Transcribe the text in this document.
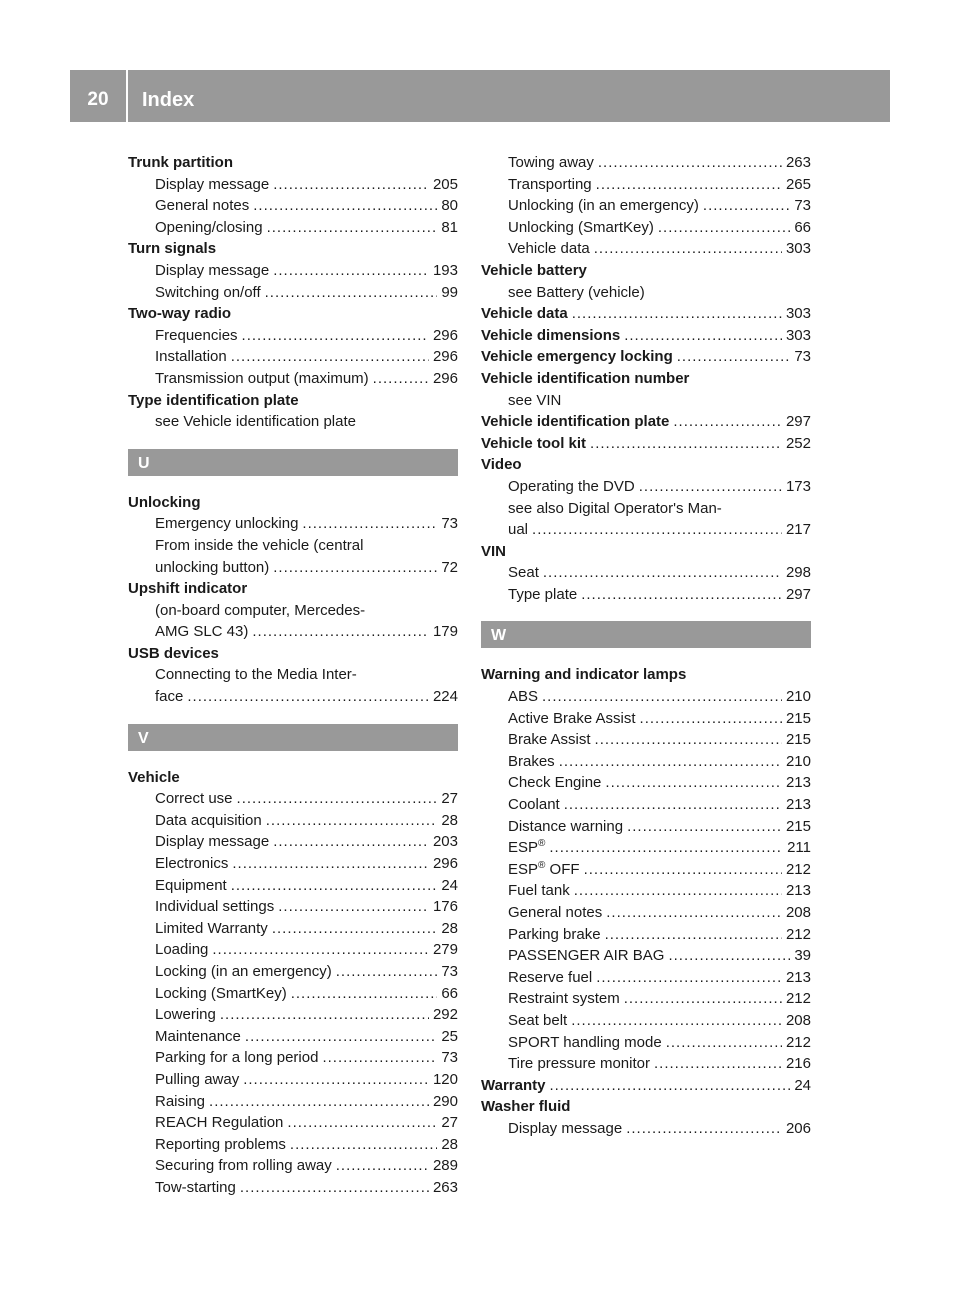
20	Index
Trunk partition
Display message .....	205
General notes .....	80
Opening/closing .....	81
Turn signals
Display message .....	193
Switching on/off .....	99
Two-way radio
Frequencies .....	296
Installation .....	296
Transmission output (maximum) .....	296
Type identification plate
see Vehicle identification plate
U
Unlocking
Emergency unlocking .....	73
From inside the vehicle (central
unlocking button) .....	72
Upshift indicator
(on-board computer, Mercedes-
AMG SLC 43) .....	179
USB devices
Connecting to the Media Inter-
face .....	224
V
Vehicle
Correct use .....	27
Data acquisition .....	28
Display message .....	203
Electronics .....	296
Equipment .....	24
Individual settings .....	176
Limited Warranty .....	28
Loading .....	279
Locking (in an emergency) .....	73
Locking (SmartKey) .....	66
Lowering .....	292
Maintenance .....	25
Parking for a long period .....	73
Pulling away .....	120
Raising .....	290
REACH Regulation .....	27
Reporting problems .....	28
Securing from rolling away .....	289
Tow-starting .....	263
Towing away .....	263
Transporting .....	265
Unlocking (in an emergency) .....	73
Unlocking (SmartKey) .....	66
Vehicle data .....	303
Vehicle battery
see Battery (vehicle)
Vehicle data .....	303
Vehicle dimensions .....	303
Vehicle emergency locking .....	73
Vehicle identification number
see VIN
Vehicle identification plate .....	297
Vehicle tool kit .....	252
Video
Operating the DVD .....	173
see also Digital Operator's Man-
ual .....	217
VIN
Seat .....	298
Type plate .....	297
W
Warning and indicator lamps
ABS .....	210
Active Brake Assist .....	215
Brake Assist .....	215
Brakes .....	210
Check Engine .....	213
Coolant .....	213
Distance warning .....	215
ESP® .....	211
ESP® OFF .....	212
Fuel tank .....	213
General notes .....	208
Parking brake .....	212
PASSENGER AIR BAG .....	39
Reserve fuel .....	213
Restraint system .....	212
Seat belt .....	208
SPORT handling mode .....	212
Tire pressure monitor .....	216
Warranty .....	24
Washer fluid
Display message .....	206
